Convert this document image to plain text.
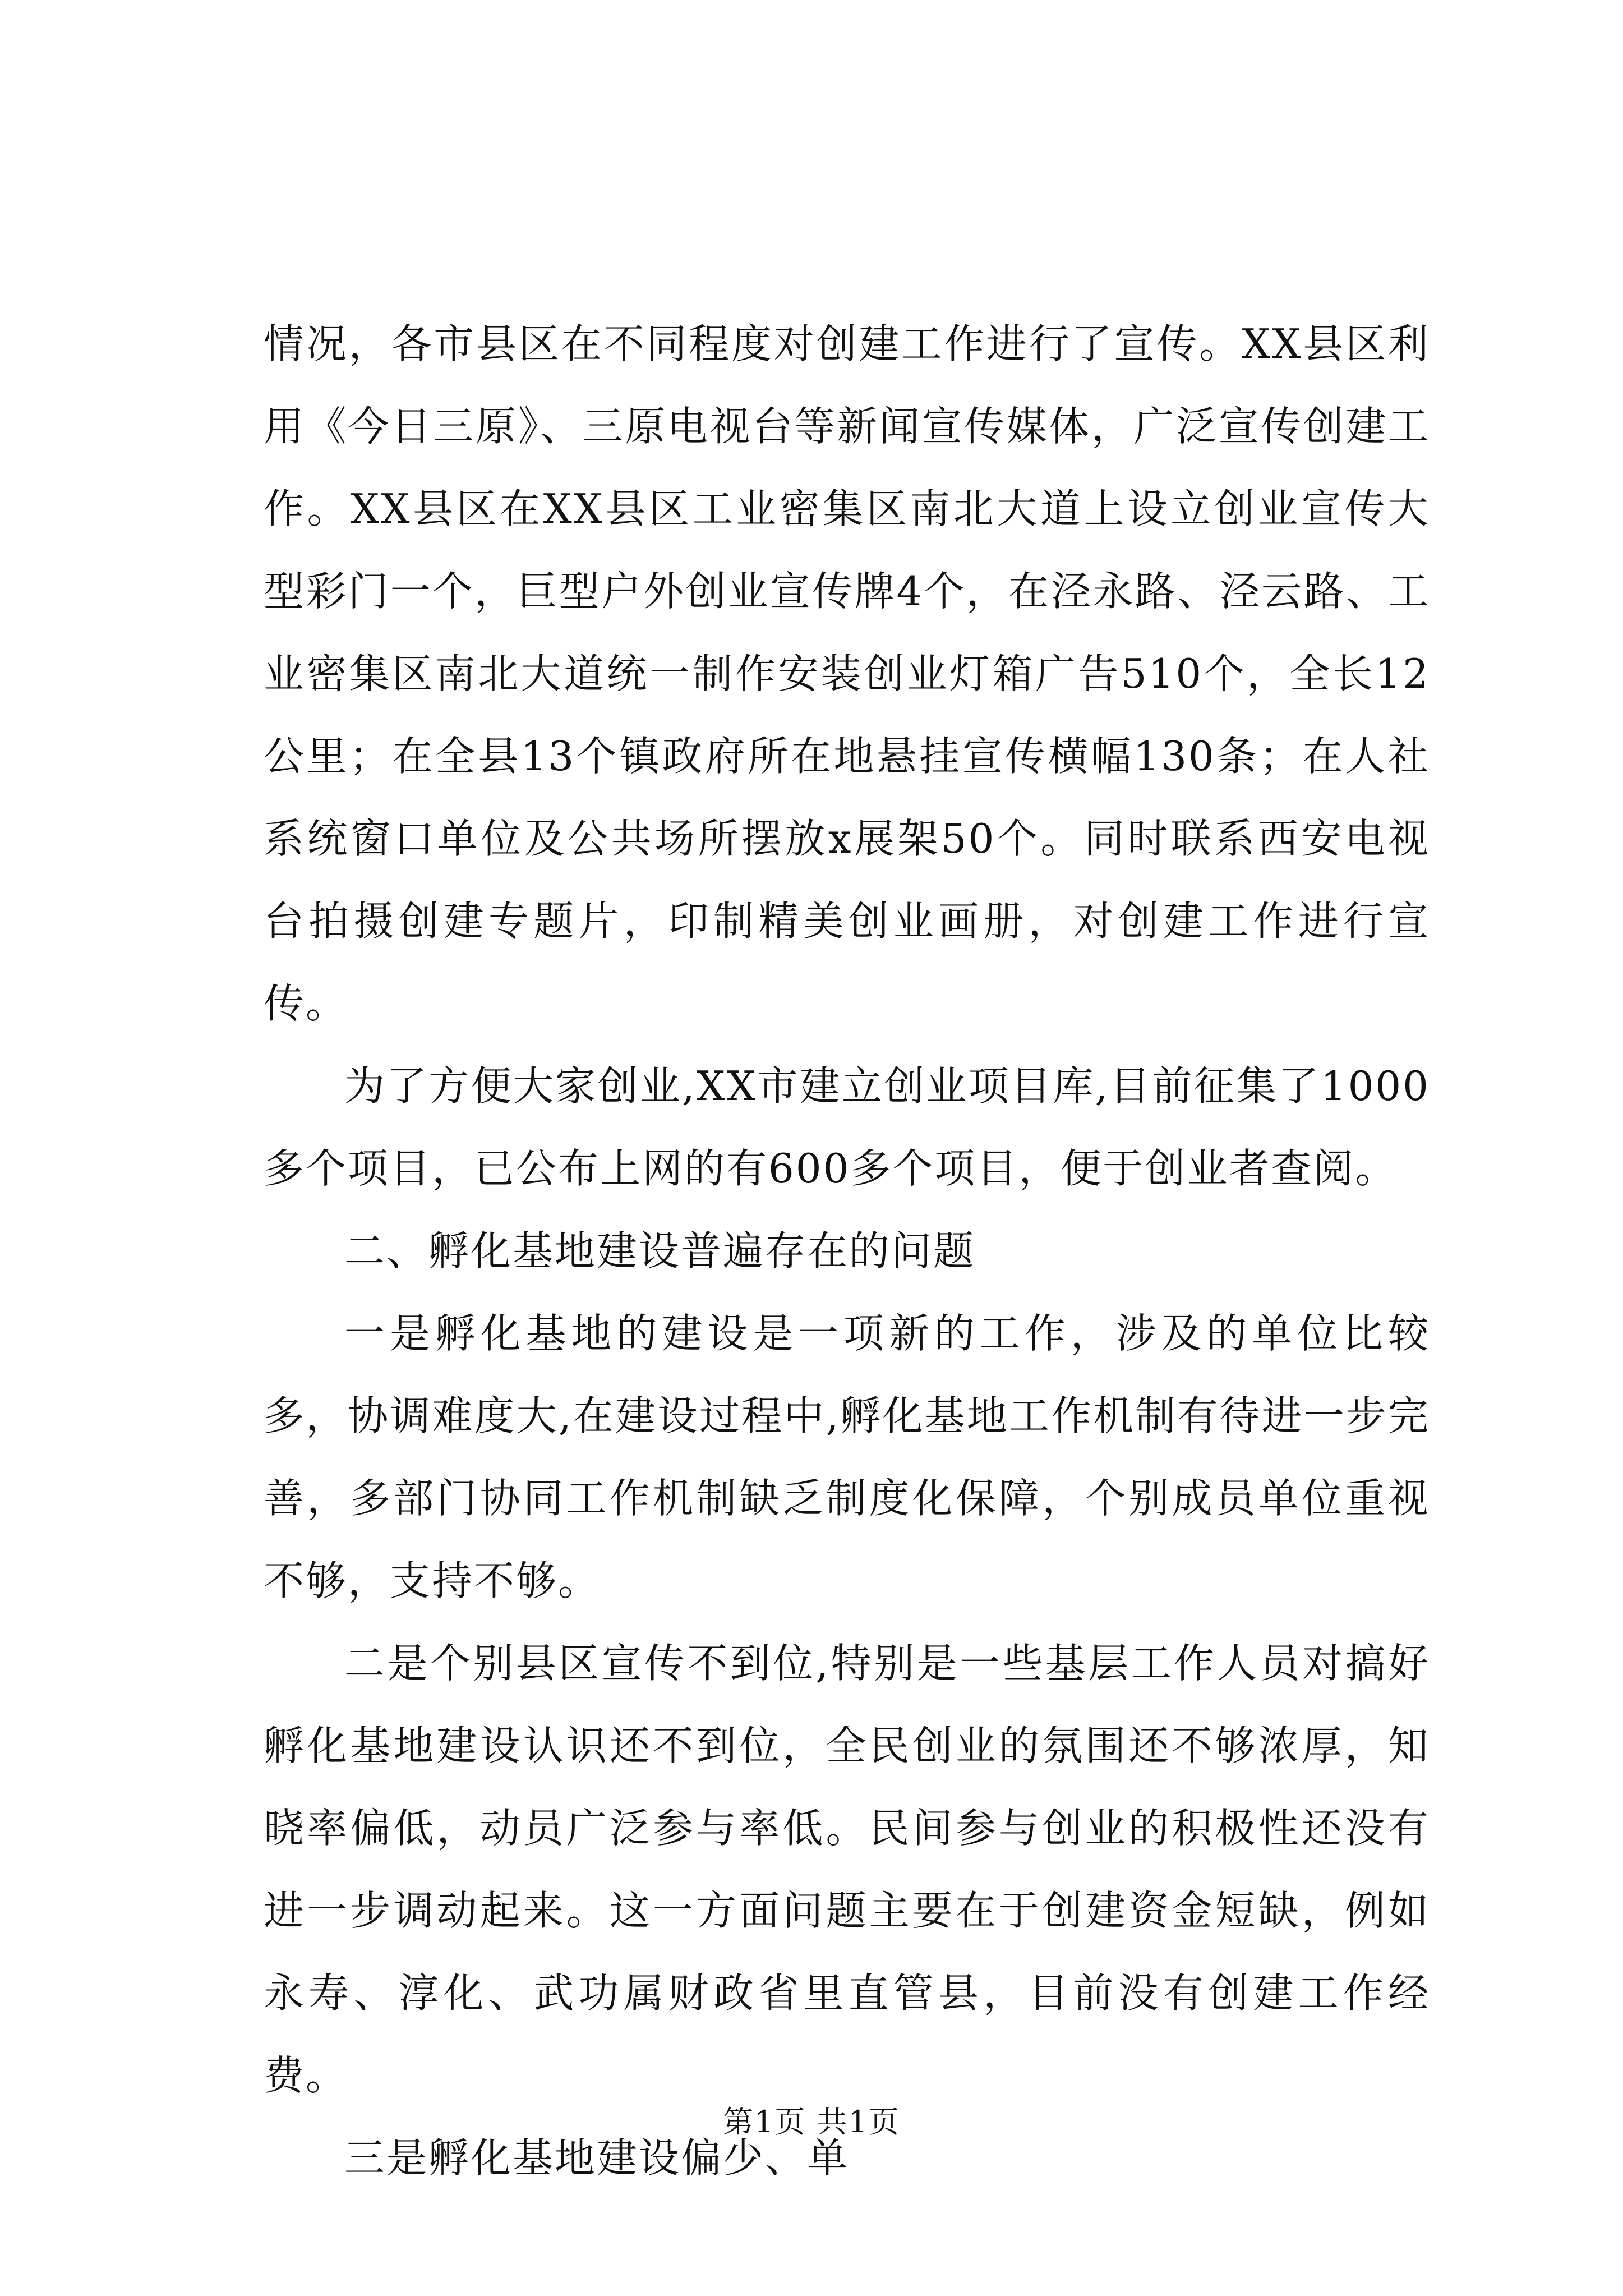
情况，各市县区在不同程度对创建工作进行了宣传。XX县区利用《今日三原》、三原电视台等新闻宣传媒体，广泛宣传创建工作。XX县区在XX县区工业密集区南北大道上设立创业宣传大型彩门一个，巨型户外创业宣传牌4个，在泾永路、泾云路、工业密集区南北大道统一制作安装创业灯箱广告510个，全长12公里；在全县13个镇政府所在地悬挂宣传横幅130条；在人社系统窗口单位及公共场所摆放x展架50个。同时联系西安电视台拍摄创建专题片，印制精美创业画册，对创建工作进行宣传。

为了方便大家创业,XX市建立创业项目库,目前征集了1000多个项目，已公布上网的有600多个项目，便于创业者查阅。

二、孵化基地建设普遍存在的问题

一是孵化基地的建设是一项新的工作，涉及的单位比较多，协调难度大,在建设过程中,孵化基地工作机制有待进一步完善，多部门协同工作机制缺乏制度化保障，个别成员单位重视不够，支持不够。

二是个别县区宣传不到位,特别是一些基层工作人员对搞好孵化基地建设认识还不到位，全民创业的氛围还不够浓厚，知晓率偏低，动员广泛参与率低。民间参与创业的积极性还没有进一步调动起来。这一方面问题主要在于创建资金短缺，例如永寿、淳化、武功属财政省里直管县，目前没有创建工作经费。

三是孵化基地建设偏少、单

第1页 共1页
